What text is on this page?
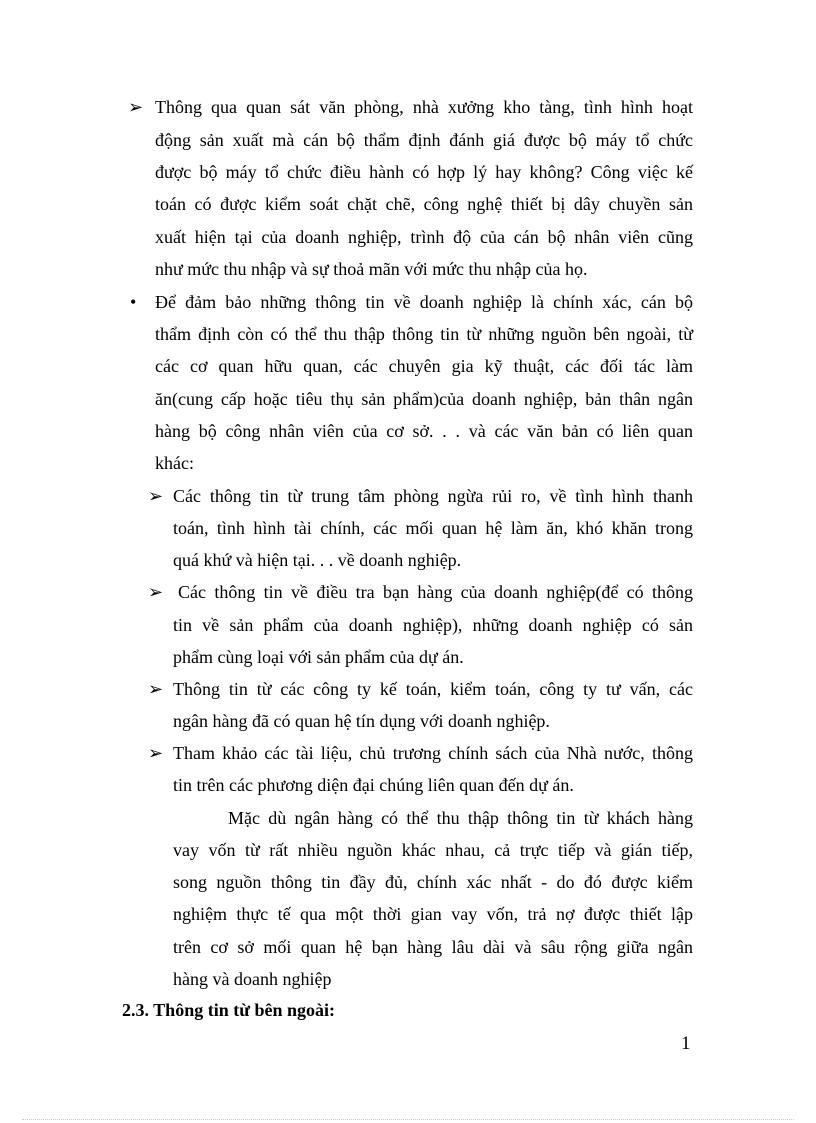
➢ Thông qua quan sát văn phòng, nhà xưởng kho tàng, tình hình hoạt
động sản xuất mà cán bộ thẩm định đánh giá được bộ máy tổ chức
được bộ máy tổ chức điều hành có hợp lý hay không? Công việc kế
toán có được kiểm soát chặt chẽ, công nghệ thiết bị dây chuyền sản
xuất hiện tại của doanh nghiệp, trình độ của cán bộ nhân viên cũng
như mức thu nhập và sự thoả mãn với mức thu nhập của họ.
• Để đảm bảo những thông tin về doanh nghiệp là chính xác, cán bộ
thẩm định còn có thể thu thập thông tin từ những nguồn bên ngoài, từ
các cơ quan hữu quan, các chuyên gia kỹ thuật, các đối tác làm
ăn(cung cấp hoặc tiêu thụ sản phẩm)của doanh nghiệp, bản thân ngân
hàng bộ công nhân viên của cơ sở. . . và các văn bản có liên quan
khác:
➢ Các thông tin từ trung tâm phòng ngừa rủi ro, về tình hình thanh
toán, tình hình tài chính, các mối quan hệ làm ăn, khó khăn trong
quá khứ và hiện tại. . . về doanh nghiệp.
➢ Các thông tin về điều tra bạn hàng của doanh nghiệp(để có thông
tin về sản phẩm của doanh nghiệp), những doanh nghiệp có sản
phẩm cùng loại với sản phẩm của dự án.
➢ Thông tin từ các công ty kế toán, kiểm toán, công ty tư vấn, các
ngân hàng đã có quan hệ tín dụng với doanh nghiệp.
➢ Tham khảo các tài liệu, chủ trương chính sách của Nhà nước, thông
tin trên các phương diện đại chúng liên quan đến dự án.
Mặc dù ngân hàng có thể thu thập thông tin từ khách hàng
vay vốn từ rất nhiều nguồn khác nhau, cả trực tiếp và gián tiếp,
song nguồn thông tin đầy đủ, chính xác nhất - do đó được kiểm
nghiệm thực tế qua một thời gian vay vốn, trả nợ được thiết lập
trên cơ sở mối quan hệ bạn hàng lâu dài và sâu rộng giữa ngân
hàng và doanh nghiệp
2.3. Thông tin từ bên ngoài:
1
